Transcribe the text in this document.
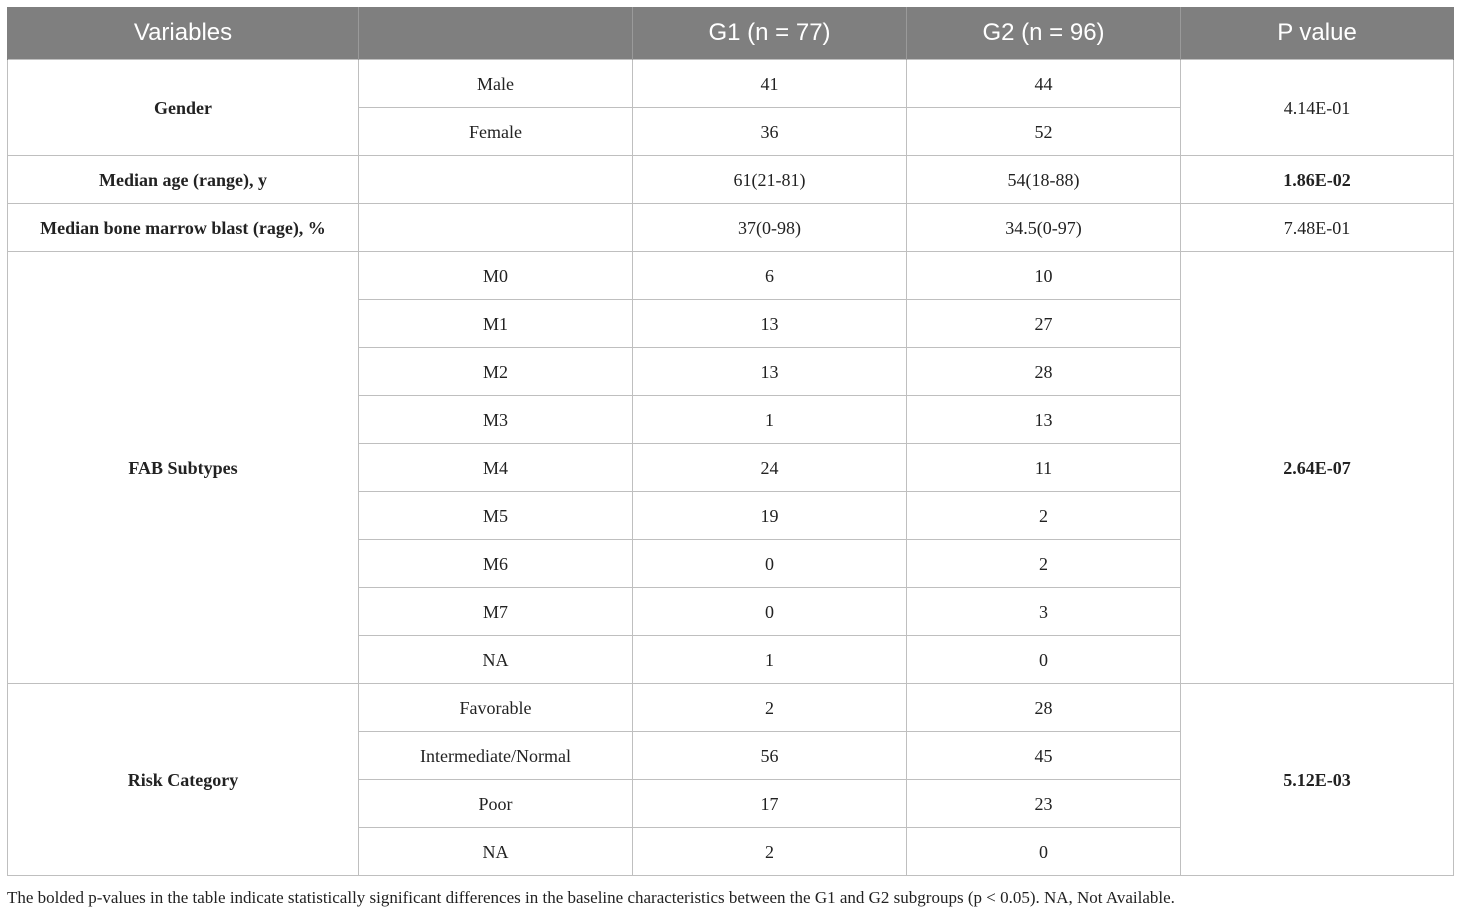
Variables		G1 (n = 77)	G2 (n = 96)	P value
Gender	Male	41	44	4.14E-01
	Female	36	52	
Median age (range), y		61(21-81)	54(18-88)	1.86E-02
Median bone marrow blast (rage), %		37(0-98)	34.5(0-97)	7.48E-01
FAB Subtypes	M0	6	10	2.64E-07
	M1	13	27	
	M2	13	28	
	M3	1	13	
	M4	24	11	
	M5	19	2	
	M6	0	2	
	M7	0	3	
	NA	1	0	
Risk Category	Favorable	2	28	5.12E-03
	Intermediate/Normal	56	45	
	Poor	17	23	
	NA	2	0	
The bolded p-values in the table indicate statistically significant differences in the baseline characteristics between the G1 and G2 subgroups (p < 0.05). NA, Not Available.
